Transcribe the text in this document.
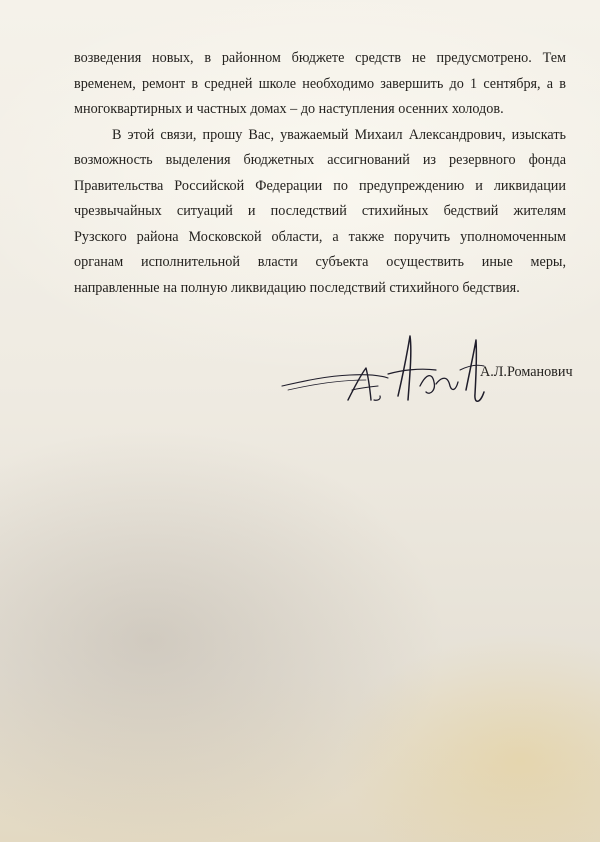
возведения новых, в районном бюджете средств не предусмотрено. Тем
временем, ремонт в средней школе необходимо завершить до 1 сентября, а в
многоквартирных и частных домах – до наступления осенних холодов.

В этой связи, прошу Вас, уважаемый Михаил Александрович, изыскать
возможность выделения бюджетных ассигнований из резервного фонда
Правительства Российской Федерации по предупреждению и ликвидации
чрезвычайных ситуаций и последствий стихийных бедствий жителям
Рузского района Московской области, а также поручить уполномоченным
органам исполнительной власти субъекта осуществить иные меры,
направленные на полную ликвидацию последствий стихийного бедствия.

А.Л.Романович
